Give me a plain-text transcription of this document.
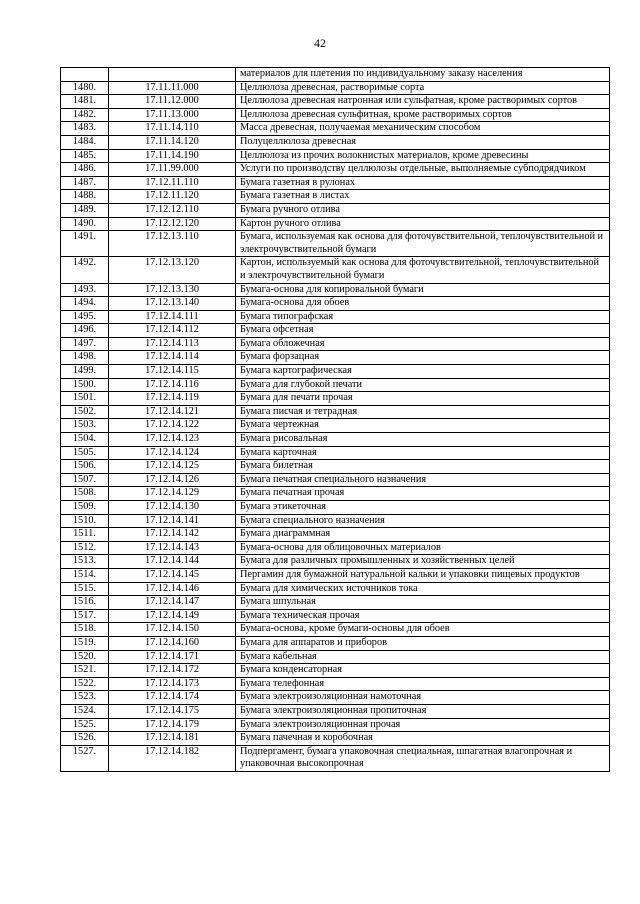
42
		материалов для плетения по индивидуальному заказу населения
1480.	17.11.11.000	Целлюлоза древесная, растворимые сорта
1481.	17.11.12.000	Целлюлоза древесная натронная или сульфатная, кроме растворимых сортов
1482.	17.11.13.000	Целлюлоза древесная сульфитная, кроме растворимых сортов
1483.	17.11.14.110	Масса древесная, получаемая механическим способом
1484.	17.11.14.120	Полуцеллюлоза древесная
1485.	17.11.14.190	Целлюлоза из прочих волокнистых материалов, кроме древесины
1486.	17.11.99.000	Услуги по производству целлюлозы отдельные, выполняемые субподрядчиком
1487.	17.12.11.110	Бумага газетная в рулонах
1488.	17.12.11.120	Бумага газетная в листах
1489.	17.12.12.110	Бумага ручного отлива
1490.	17.12.12.120	Картон ручного отлива
1491.	17.12.13.110	Бумага, используемая как основа для фоточувствительной, теплочувствительной и электрочувствительной бумаги
1492.	17.12.13.120	Картон, используемый как основа для фоточувствительной, теплочувствительной и электрочувствительной бумаги
1493.	17.12.13.130	Бумага-основа для копировальной бумаги
1494.	17.12.13.140	Бумага-основа для обоев
1495.	17.12.14.111	Бумага типографская
1496.	17.12.14.112	Бумага офсетная
1497.	17.12.14.113	Бумага обложечная
1498.	17.12.14.114	Бумага форзацная
1499.	17.12.14.115	Бумага картографическая
1500.	17.12.14.116	Бумага для глубокой печати
1501.	17.12.14.119	Бумага для печати прочая
1502.	17.12.14.121	Бумага писчая и тетрадная
1503.	17.12.14.122	Бумага чертежная
1504.	17.12.14.123	Бумага рисовальная
1505.	17.12.14.124	Бумага карточная
1506.	17.12.14.125	Бумага билетная
1507.	17.12.14.126	Бумага печатная специального назначения
1508.	17.12.14.129	Бумага печатная прочая
1509.	17.12.14.130	Бумага этикеточная
1510.	17.12.14.141	Бумага специального назначения
1511.	17.12.14.142	Бумага диаграммная
1512.	17.12.14.143	Бумага-основа для облицовочных материалов
1513.	17.12.14.144	Бумага для различных промышленных и хозяйственных целей
1514.	17.12.14.145	Пергамин для бумажной натуральной кальки и упаковки пищевых продуктов
1515.	17.12.14.146	Бумага для химических источников тока
1516.	17.12.14.147	Бумага шпульная
1517.	17.12.14.149	Бумага техническая прочая
1518.	17.12.14.150	Бумага-основа, кроме бумаги-основы для обоев
1519.	17.12.14.160	Бумага для аппаратов и приборов
1520.	17.12.14.171	Бумага кабельная
1521.	17.12.14.172	Бумага конденсаторная
1522.	17.12.14.173	Бумага телефонная
1523.	17.12.14.174	Бумага электроизоляционная намоточная
1524.	17.12.14.175	Бумага электроизоляционная пропиточная
1525.	17.12.14.179	Бумага электроизоляционная прочая
1526.	17.12.14.181	Бумага пачечная и коробочная
1527.	17.12.14.182	Подпергамент, бумага упаковочная специальная, шпагатная влагопрочная и упаковочная высокопрочная
